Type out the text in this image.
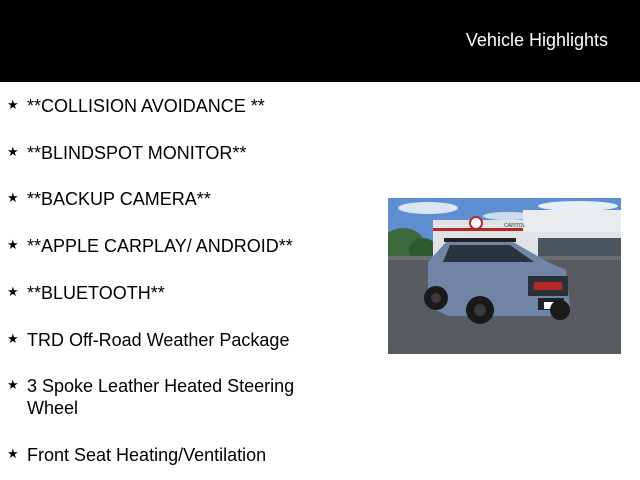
Vehicle Highlights
★ **COLLISION AVOIDANCE **
★ **BLINDSPOT MONITOR**
★ **BACKUP CAMERA**
★ **APPLE CARPLAY/ ANDROID**
★ **BLUETOOTH**
★ TRD Off-Road Weather Package
★ 3 Spoke Leather Heated Steering Wheel
★ Front Seat Heating/Ventilation
CAPITOL
